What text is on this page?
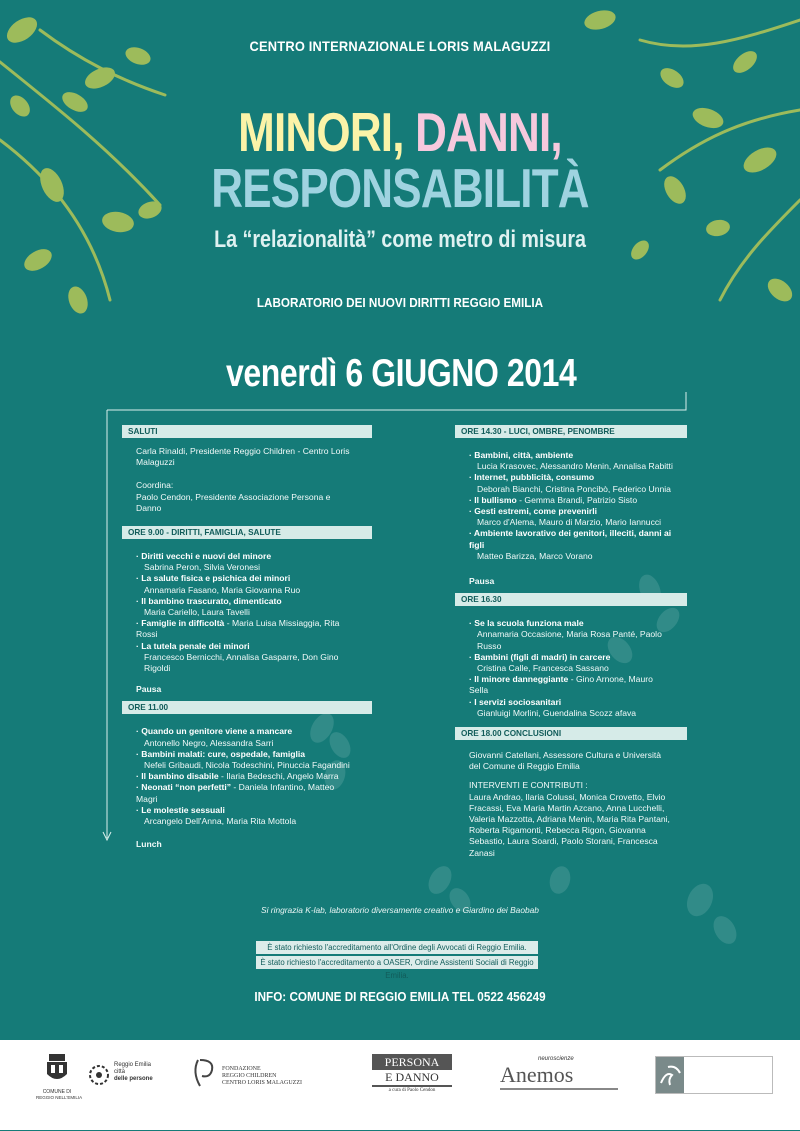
CENTRO INTERNAZIONALE LORIS MALAGUZZI
MINORI, DANNI,
RESPONSABILITÀ
La “relazionalità” come metro di misura
LABORATORIO DEI NUOVI DIRITTI REGGIO EMILIA
venerdì 6 GIUGNO 2014
SALUTI
Carla Rinaldi, Presidente Reggio Children - Centro Loris Malaguzzi
Coordina:
Paolo Cendon, Presidente Associazione Persona e Danno
ORE 9.00 - DIRITTI, FAMIGLIA, SALUTE
· Diritti vecchi e nuovi del minore
Sabrina Peron, Silvia Veronesi
· La salute fisica e psichica dei minori
Annamaria Fasano, Maria Giovanna Ruo
· Il bambino trascurato, dimenticato
Maria Cariello, Laura Tavelli
· Famiglie in difficoltà - Maria Luisa Missiaggia, Rita Rossi
· La tutela penale dei minori
Francesco Bernicchi, Annalisa Gasparre, Don Gino Rigoldi
Pausa
ORE 11.00
· Quando un genitore viene a mancare
Antonello Negro, Alessandra Sarri
· Bambini malati: cure, ospedale, famiglia
Nefeli Gribaudi, Nicola Todeschini, Pinuccia Fagandini
· Il bambino disabile - Ilaria Bedeschi, Angelo Marra
· Neonati “non perfetti” - Daniela Infantino, Matteo Magri
· Le molestie sessuali
Arcangelo Dell'Anna, Maria Rita Mottola
Lunch
ORE 14.30 - LUCI, OMBRE, PENOMBRE
· Bambini, città, ambiente
Lucia Krasovec, Alessandro Menin, Annalisa Rabitti
· Internet, pubblicità, consumo
Deborah Bianchi, Cristina Poncibò, Federico Unnia
· Il bullismo - Gemma Brandi, Patrizio Sisto
· Gesti estremi, come prevenirli
Marco d'Alema, Mauro di Marzio, Mario Iannucci
· Ambiente lavorativo dei genitori, illeciti, danni ai figli
Matteo Barizza, Marco Vorano
Pausa
ORE 16.30
· Se la scuola funziona male
Annamaria Occasione, Maria Rosa Panté, Paolo Russo
· Bambini (figli di madri) in carcere
Cristina Calle, Francesca Sassano
· Il minore danneggiante - Gino Arnone, Mauro Sella
· I servizi sociosanitari
Gianluigi Morlini, Guendalina Scozz afava
ORE 18.00 CONCLUSIONI
Giovanni Catellani, Assessore Cultura e Università del Comune di Reggio Emilia
INTERVENTI E CONTRIBUTI :
Laura Andrao, Ilaria Colussi, Monica Crovetto, Elvio Fracassi, Eva Maria Martin Azcano, Anna Lucchelli, Valeria Mazzotta, Adriana Menin, Maria Rita Pantani, Roberta Rigamonti, Rebecca Rigon, Giovanna Sebastio, Laura Soardi, Paolo Storani, Francesca Zanasi
Si ringrazia K-lab, laboratorio diversamente creativo e Giardino dei Baobab
È stato richiesto l'accreditamento all'Ordine degli Avvocati di Reggio Emilia.
È stato richiesto l'accreditamento a OASER, Ordine Assistenti Sociali di Reggio Emilia.
INFO: COMUNE DI REGGIO EMILIA TEL 0522 456249
COMUNE DI
REGGIO NELL'EMILIA
Reggio Emilia
città
delle persone
FONDAZIONE
REGGIO CHILDREN
CENTRO LORIS MALAGUZZI
PERSONA
E DANNO
a cura di Paolo Cendon
neuroscienze
Anemos
